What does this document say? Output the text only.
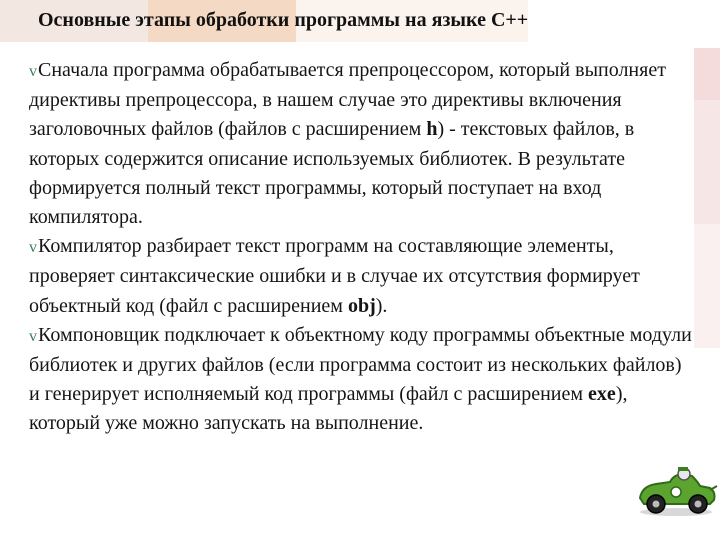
Основные этапы обработки программы на языке С++

vСначала программа обрабатывается препроцессором, который выполняет директивы препроцессора, в нашем случае это директивы включения заголовочных файлов (файлов с расширением h) - текстовых файлов, в которых содержится описание используемых библиотек. В результате формируется полный текст программы, который поступает на вход компилятора.

vКомпилятор разбирает текст программ на составляющие элементы, проверяет синтаксические ошибки и в случае их отсутствия формирует объектный код (файл с расширением obj).

vКомпоновщик подключает к объектному коду программы объектные модули библиотек и других файлов (если программа состоит из нескольких файлов) и генерирует исполняемый код программы (файл с расширением exe), который уже можно запускать на выполнение.
